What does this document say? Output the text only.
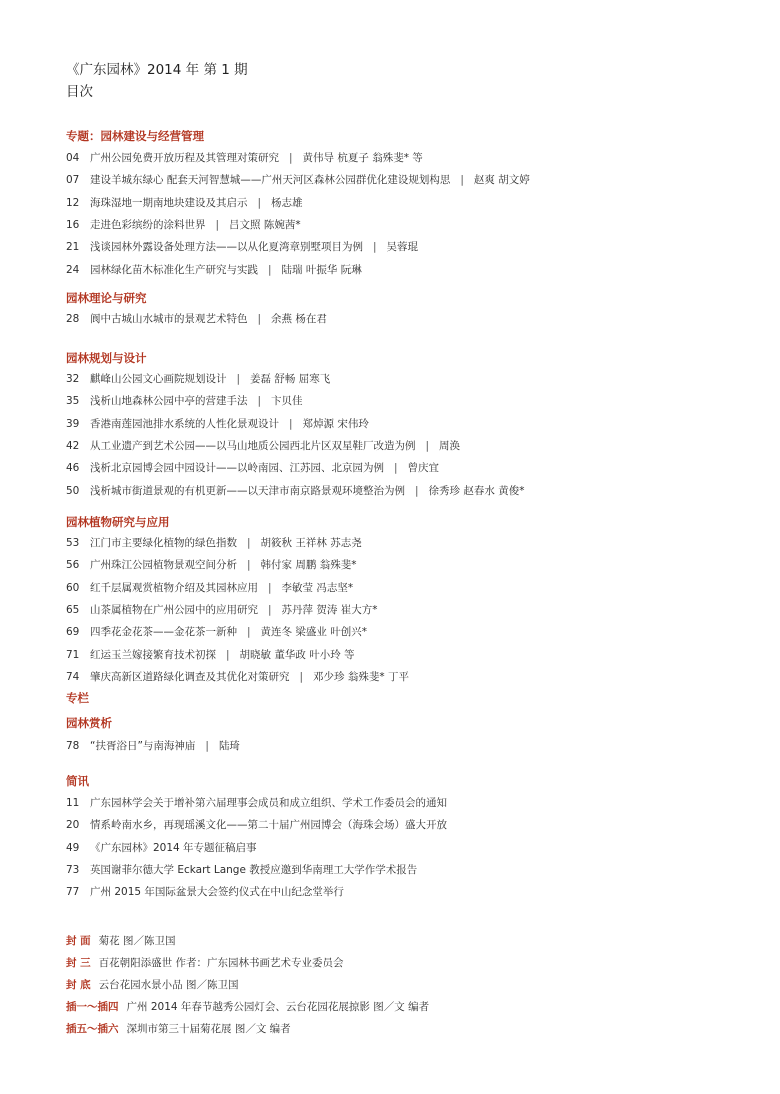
《广东园林》2014 年 第 1 期
目次
专题：园林建设与经营管理
04 广州公园免费开放历程及其管理对策研究 | 黄伟导 杭夏子 翁殊斐* 等
07 建设羊城东绿心 配套天河智慧城——广州天河区森林公园群优化建设规划构思 | 赵爽 胡文婷
12 海珠湿地一期南地块建设及其启示 | 杨志雄
16 走进色彩缤纷的涂料世界 | 吕文照 陈婉茜*
21 浅谈园林外露设备处理方法——以从化夏湾章别墅项目为例 | 吴蓉琨
24 园林绿化苗木标准化生产研究与实践 | 陆瑞 叶振华 阮琳
园林理论与研究
28 阆中古城山水城市的景观艺术特色 | 余燕 杨在君
园林规划与设计
32 麒峰山公园文心画院规划设计 | 姜磊 舒畅 屈寒飞
35 浅析山地森林公园中亭的营建手法 | 卞贝佳
39 香港南莲园池排水系统的人性化景观设计 | 郑焯源 宋伟玲
42 从工业遗产到艺术公园——以马山地质公园西北片区双星鞋厂改造为例 | 周涣
46 浅析北京园博会园中园设计——以岭南园、江苏园、北京园为例 | 曾庆宜
50 浅析城市街道景观的有机更新——以天津市南京路景观环境整治为例 | 徐秀珍 赵春水 黄俊*
园林植物研究与应用
53 江门市主要绿化植物的绿色指数 | 胡筱秋 王祥林 苏志尧
56 广州珠江公园植物景观空间分析 | 韩付家 周鹏 翁殊斐*
60 红千层属观赏植物介绍及其园林应用 | 李敏莹 冯志坚*
65 山茶属植物在广州公园中的应用研究 | 苏丹萍 贺涛 崔大方*
69 四季花金花茶——金花茶一新种 | 黄连冬 梁盛业 叶创兴*
71 红运玉兰嫁接繁育技术初探 | 胡晓敏 董华政 叶小玲 等
74 肇庆高新区道路绿化调查及其优化对策研究 | 邓少珍 翁殊斐* 丁平
专栏
园林赏析
78 “扶胥浴日”与南海神庙 | 陆琦
简讯
11 广东园林学会关于增补第六届理事会成员和成立组织、学术工作委员会的通知
20 情系岭南水乡，再现瑶溪文化——第二十届广州园博会（海珠会场）盛大开放
49 《广东园林》2014 年专题征稿启事
73 英国谢菲尔德大学 Eckart Lange 教授应邀到华南理工大学作学术报告
77 广州 2015 年国际盆景大会签约仪式在中山纪念堂举行
封 面 菊花 图／陈卫国
封 三 百花朝阳添盛世 作者：广东园林书画艺术专业委员会
封 底 云台花园水景小品 图／陈卫国
插一～插四 广州 2014 年春节越秀公园灯会、云台花园花展掠影 图／文 编者
插五～插六 深圳市第三十届菊花展 图／文 编者
